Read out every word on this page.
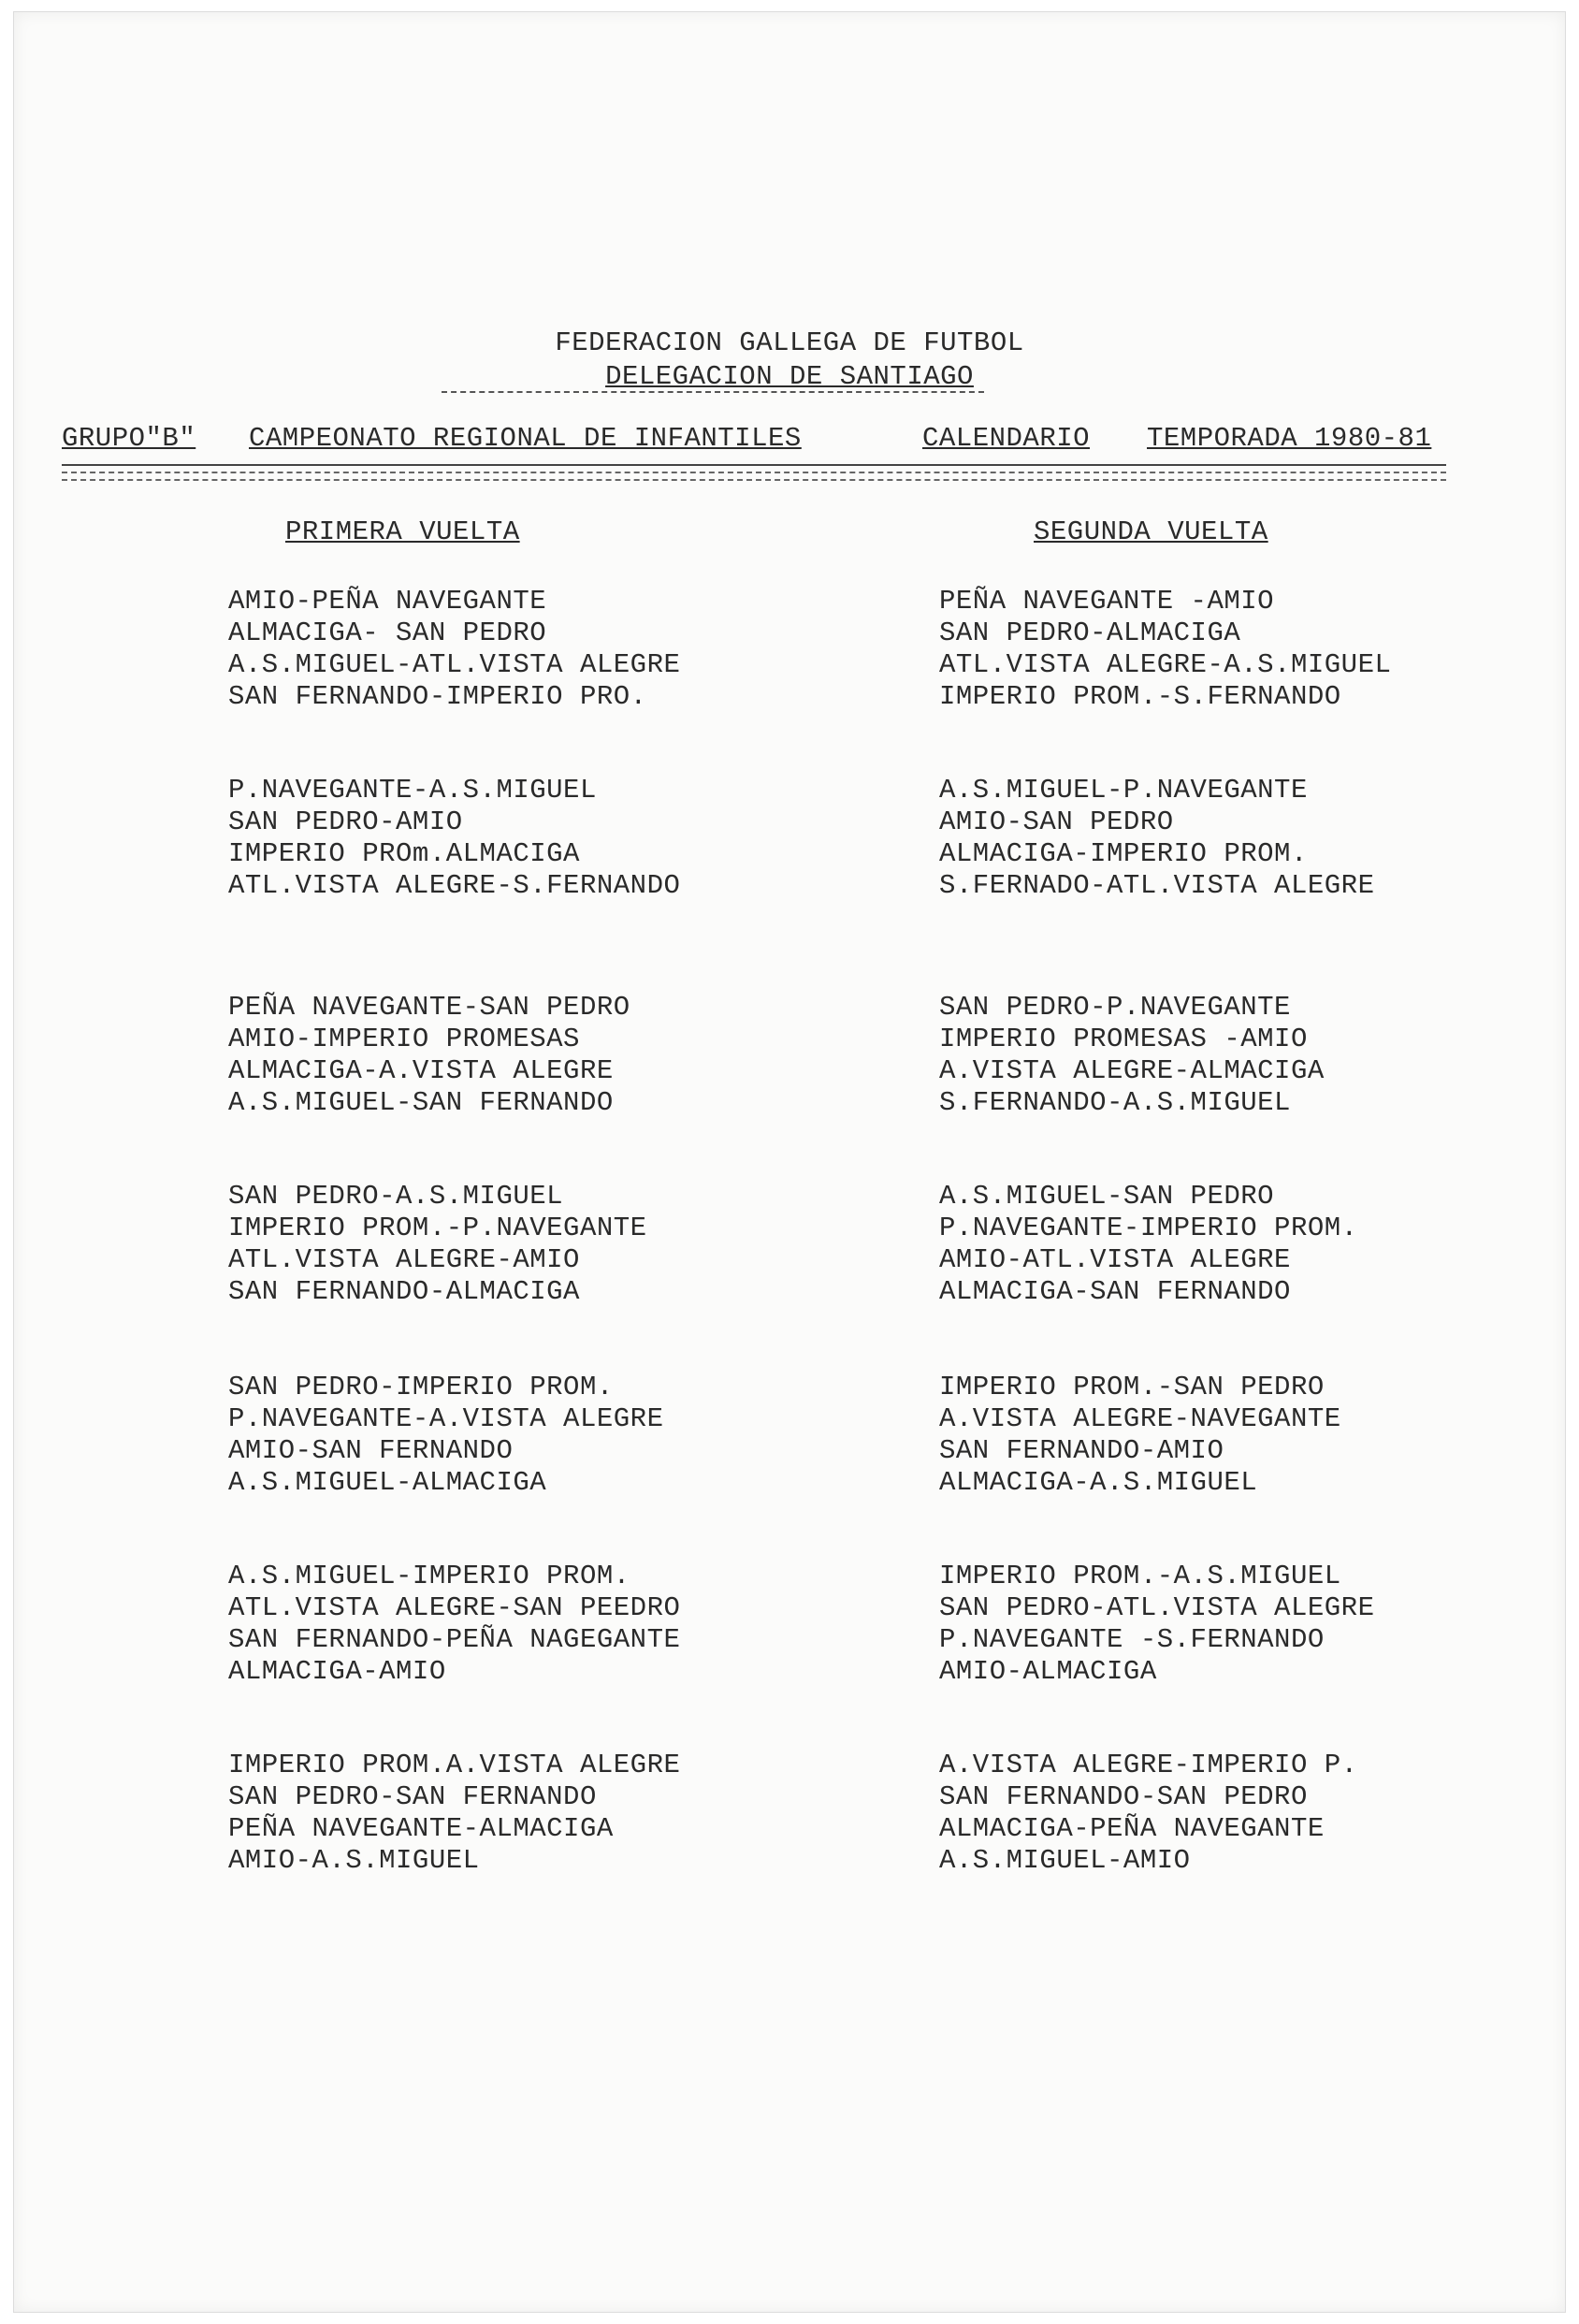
FEDERACION GALLEGA DE FUTBOL
DELEGACION DE SANTIAGO

GRUPO"B"

CAMPEONATO REGIONAL DE INFANTILES

	CALENDARIO

TEMPORADA 1980-81

PRIMERA VUELTA	SEGUNDA VUELTA
AMIO-PEÑA NAVEGANTE
ALMACIGA- SAN PEDRO
A.S.MIGUEL-ATL.VISTA ALEGRE
SAN FERNANDO-IMPERIO PRO.
PEÑA NAVEGANTE -AMIO
SAN PEDRO-ALMACIGA
ATL.VISTA ALEGRE-A.S.MIGUEL
IMPERIO PROM.-S.FERNANDO
P.NAVEGANTE-A.S.MIGUEL
SAN PEDRO-AMIO
IMPERIO PROm.ALMACIGA
ATL.VISTA ALEGRE-S.FERNANDO
A.S.MIGUEL-P.NAVEGANTE
AMIO-SAN PEDRO
ALMACIGA-IMPERIO PROM.
S.FERNADO-ATL.VISTA ALEGRE
PEÑA NAVEGANTE-SAN PEDRO
AMIO-IMPERIO PROMESAS
ALMACIGA-A.VISTA ALEGRE
A.S.MIGUEL-SAN FERNANDO
SAN PEDRO-P.NAVEGANTE
IMPERIO PROMESAS -AMIO
A.VISTA ALEGRE-ALMACIGA
S.FERNANDO-A.S.MIGUEL
SAN PEDRO-A.S.MIGUEL
IMPERIO PROM.-P.NAVEGANTE
ATL.VISTA ALEGRE-AMIO
SAN FERNANDO-ALMACIGA
A.S.MIGUEL-SAN PEDRO
P.NAVEGANTE-IMPERIO PROM.
AMIO-ATL.VISTA ALEGRE
ALMACIGA-SAN FERNANDO
SAN PEDRO-IMPERIO PROM.
P.NAVEGANTE-A.VISTA ALEGRE
AMIO-SAN FERNANDO
A.S.MIGUEL-ALMACIGA
IMPERIO PROM.-SAN PEDRO
A.VISTA ALEGRE-NAVEGANTE
SAN FERNANDO-AMIO
ALMACIGA-A.S.MIGUEL
A.S.MIGUEL-IMPERIO PROM.
ATL.VISTA ALEGRE-SAN PEEDRO
SAN FERNANDO-PEÑA NAGEGANTE
ALMACIGA-AMIO
IMPERIO PROM.-A.S.MIGUEL
SAN PEDRO-ATL.VISTA ALEGRE
P.NAVEGANTE -S.FERNANDO
AMIO-ALMACIGA
IMPERIO PROM.A.VISTA ALEGRE
SAN PEDRO-SAN FERNANDO
PEÑA NAVEGANTE-ALMACIGA
AMIO-A.S.MIGUEL
A.VISTA ALEGRE-IMPERIO P.
SAN FERNANDO-SAN PEDRO
ALMACIGA-PEÑA NAVEGANTE
A.S.MIGUEL-AMIO
